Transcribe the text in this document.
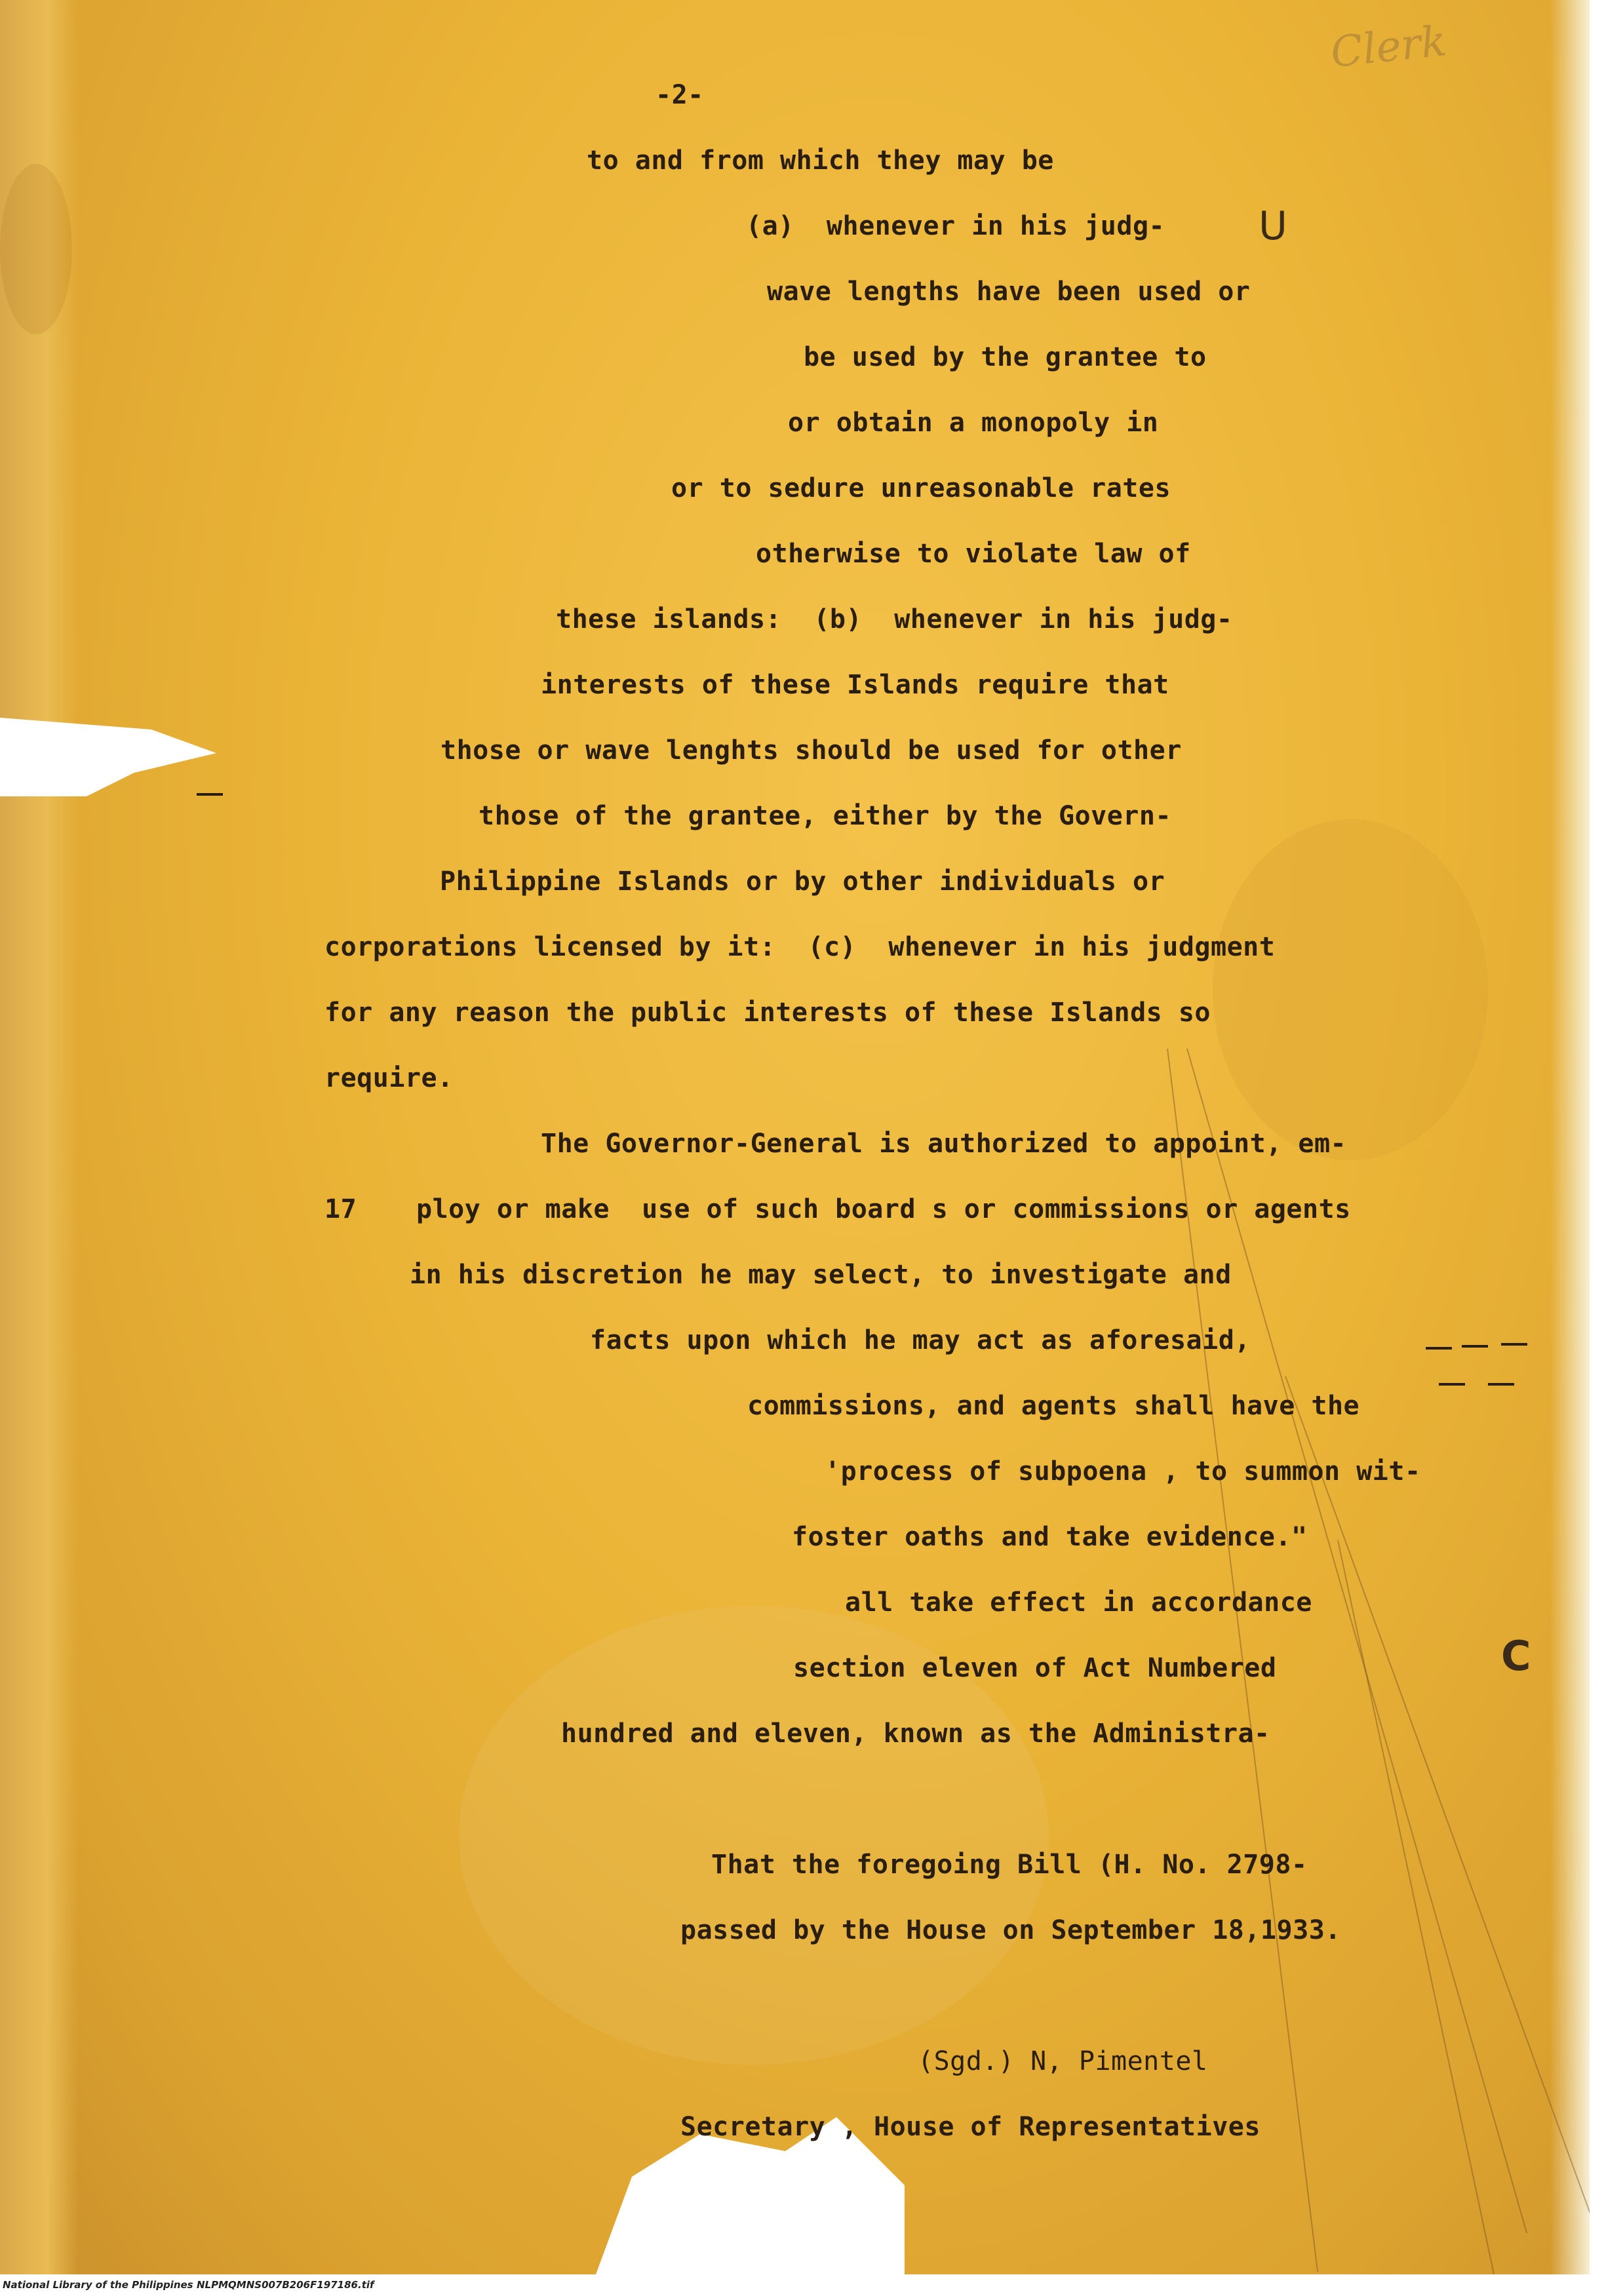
Clerk
-2-
to and from which they may be
(a)  whenever in his judg-
wave lengths have been used or
be used by the grantee to
or obtain a monopoly in
or to sedure unreasonable rates
otherwise to violate law of
these islands:  (b)  whenever in his judg-
interests of these Islands require that
those or wave lenghts should be used for other
those of the grantee, either by the Govern-
Philippine Islands or by other individuals or
corporations licensed by it:  (c)  whenever in his judgment
for any reason the public interests of these Islands so
require.
The Governor-General is authorized to appoint, em-
17 ploy or make  use of such board s or commissions or agents
in his discretion he may select, to investigate and
facts upon which he may act as aforesaid,
commissions, and agents shall have the
'process of subpoena , to summon wit-
foster oaths and take evidence."
all take effect in accordance
section eleven of Act Numbered
hundred and eleven, known as the Administra-
That the foregoing Bill (H. No. 2798-
passed by the House on September 18,1933.
(Sgd.) N, Pimentel
Secretary , House of Representatives
U
C
National Library of the Philippines NLPMQMNS007B206F197186.tif
